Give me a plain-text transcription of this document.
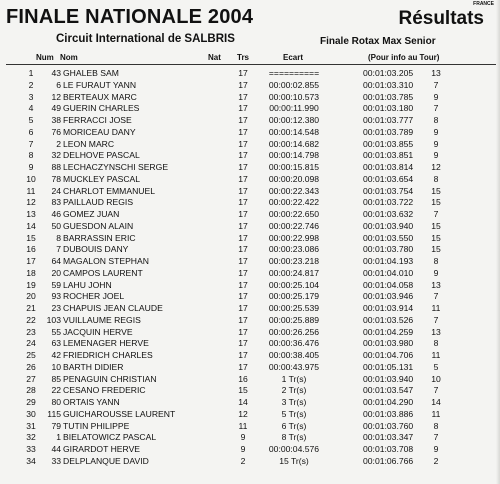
FRANCE
FINALE NATIONALE 2004	Résultats
Circuit International de SALBRIS	Finale Rotax Max Senior
Num Nom	Nat Trs	Ecart	(Pour info au Tour)
1	43 GHALEB SAM	17	==========	00:01:03.205	13
2	6 LE FURAUT YANN	17	00:00:02.855	00:01:03.310	7
3	12 BERTEAUX MARC	17	00:00:10.573	00:01:03.785	9
4	49 GUERIN CHARLES	17	00:00:11.990	00:01:03.180	7
5	38 FERRACCI JOSE	17	00:00:12.380	00:01:03.777	8
6	76 MORICEAU DANY	17	00:00:14.548	00:01:03.789	9
7	2 LEON MARC	17	00:00:14.682	00:01:03.855	9
8	32 DELHOVE PASCAL	17	00:00:14.798	00:01:03.851	9
9	88 LECHACZYNSCHI SERGE	17	00:00:15.815	00:01:03.814	12
10	78 MUCKLEY PASCAL	17	00:00:20.098	00:01:03.654	8
11	24 CHARLOT EMMANUEL	17	00:00:22.343	00:01:03.754	15
12	83 PAILLAUD REGIS	17	00:00:22.422	00:01:03.722	15
13	46 GOMEZ JUAN	17	00:00:22.650	00:01:03.632	7
14	50 GUESDON ALAIN	17	00:00:22.746	00:01:03.940	15
15	8 BARRASSIN ERIC	17	00:00:22.998	00:01:03.550	15
16	7 DUBOUIS DANY	17	00:00:23.086	00:01:03.780	15
17	64 MAGALON STEPHAN	17	00:00:23.218	00:01:04.193	8
18	20 CAMPOS LAURENT	17	00:00:24.817	00:01:04.010	9
19	59 LAHU JOHN	17	00:00:25.104	00:01:04.058	13
20	93 ROCHER JOEL	17	00:00:25.179	00:01:03.946	7
21	23 CHAPUIS JEAN CLAUDE	17	00:00:25.539	00:01:03.914	11
22	103 VUILLAUME REGIS	17	00:00:25.889	00:01:03.526	7
23	55 JACQUIN HERVE	17	00:00:26.256	00:01:04.259	13
24	63 LEMENAGER HERVE	17	00:00:36.476	00:01:03.980	8
25	42 FRIEDRICH CHARLES	17	00:00:38.405	00:01:04.706	11
26	10 BARTH DIDIER	17	00:00:43.975	00:01:05.131	5
27	85 PENAGUIN CHRISTIAN	16	1 Tr(s)	00:01:03.940	10
28	22 CESANO FREDERIC	15	2 Tr(s)	00:01:03.547	7
29	80 ORTAIS YANN	14	3 Tr(s)	00:01:04.290	14
30	115 GUICHAROUSSE LAURENT	12	5 Tr(s)	00:01:03.886	11
31	79 TUTIN PHILIPPE	11	6 Tr(s)	00:01:03.760	8
32	1 BIELATOWICZ PASCAL	9	8 Tr(s)	00:01:03.347	7
33	44 GIRARDOT HERVE	9	00:00:04.576	00:01:03.708	9
34	33 DELPLANQUE DAVID	2	15 Tr(s)	00:01:06.766	2
